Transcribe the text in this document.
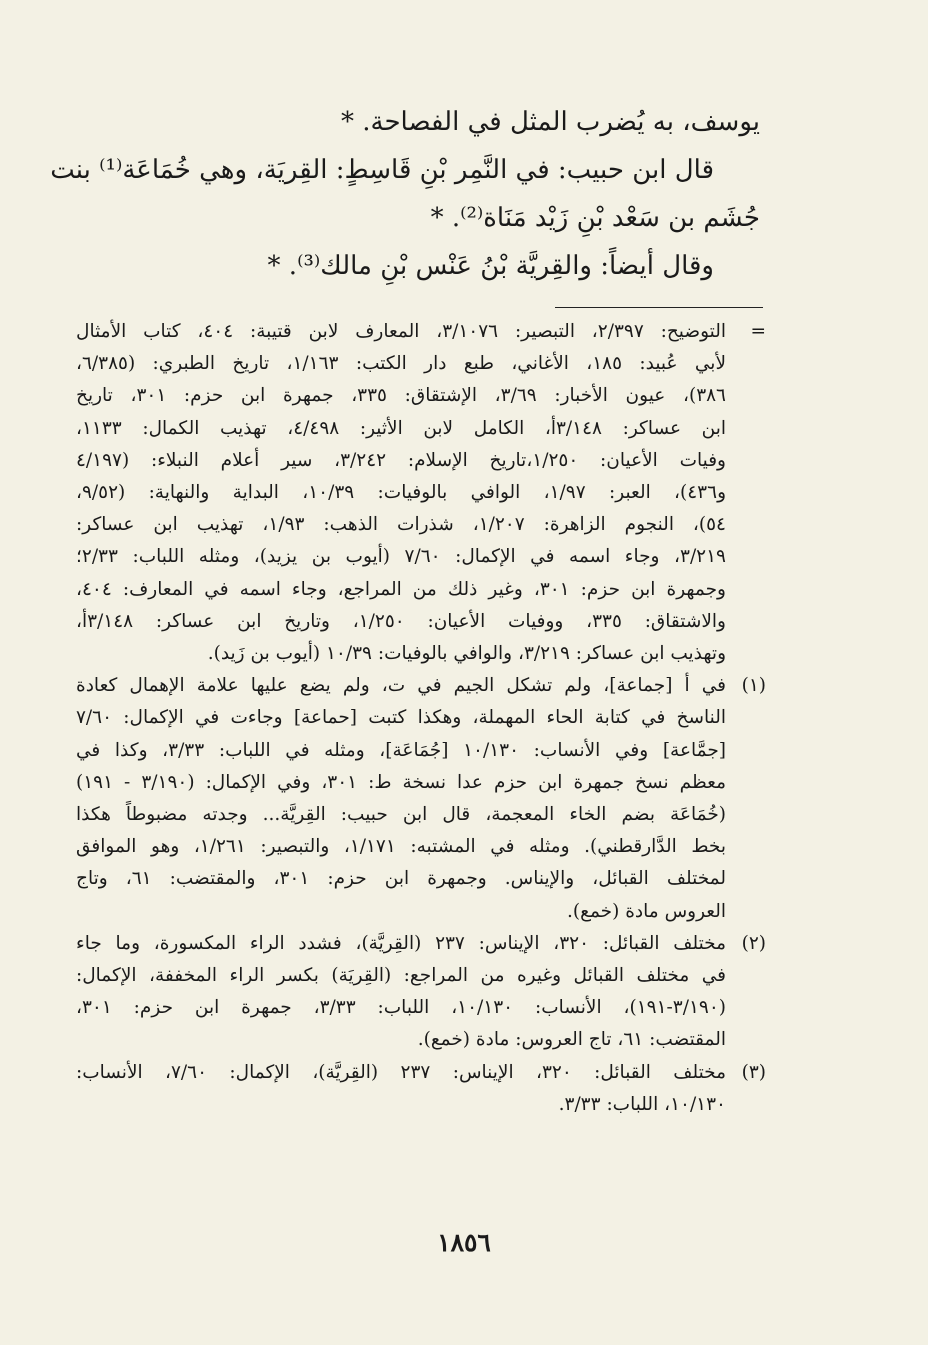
يوسف، به يُضرب المثل في الفصاحة. *
قال ابن حبيب: في النَّمِر بْنِ قَاسِطٍ: القِريَة، وهي خُمَاعَة⁽¹⁾ بنت
جُشَم بن سَعْد بْنِ زَيْد مَنَاة⁽²⁾. *
وقال أيضاً: والقِريَّة بْنُ عَنْس بْنِ مالك⁽³⁾. *
=
التوضيح: ٢/٣٩٧، التبصير: ٣/١٠٧٦، المعارف لابن قتيبة: ٤٠٤، كتاب الأمثال
لأبي عُبيد: ١٨٥، الأغاني، طبع دار الكتب: ١/١٦٣، تاريخ الطبري: (٦/٣٨٥،
٣٨٦)، عيون الأخبار: ٣/٦٩، الإشتقاق: ٣٣٥، جمهرة ابن حزم: ٣٠١، تاريخ
ابن عساكر: ٣/١٤٨أ، الكامل لابن الأثير: ٤/٤٩٨، تهذيب الكمال: ١١٣٣،
وفيات الأعيان: ١/٢٥٠،تاريخ الإسلام: ٣/٢٤٢، سير أعلام النبلاء: (٤/١٩٧
و٤٣٦)، العبر: ١/٩٧، الوافي بالوفيات: ١٠/٣٩، البداية والنهاية: (٩/٥٢،
٥٤)، النجوم الزاهرة: ١/٢٠٧، شذرات الذهب: ١/٩٣، تهذيب ابن عساكر:
٣/٢١٩، وجاء اسمه في الإكمال: ٧/٦٠ (أيوب بن يزيد)، ومثله اللباب: ٢/٣٣؛
وجمهرة ابن حزم: ٣٠١، وغير ذلك من المراجع، وجاء اسمه في المعارف: ٤٠٤،
والاشتقاق: ٣٣٥، ووفيات الأعيان: ١/٢٥٠، وتاريخ ابن عساكر: ٣/١٤٨أ،
وتهذيب ابن عساكر: ٣/٢١٩، والوافي بالوفيات: ١٠/٣٩ (أيوب بن زَيد).
(١)
في أ [جماعة]، ولم تشكل الجيم في ت، ولم يضع عليها علامة الإهمال كعادة
الناسخ في كتابة الحاء المهملة، وهكذا كتبت [حماعة] وجاءت في الإكمال: ٧/٦٠
[جمَّاعة] وفي الأنساب: ١٠/١٣٠ [جُمَاعَة]، ومثله في اللباب: ٣/٣٣، وكذا في
معظم نسخ جمهرة ابن حزم عدا نسخة ط: ٣٠١، وفي الإكمال: (٣/١٩٠ - ١٩١)
(خُمَاعَة بضم الخاء المعجمة، قال ابن حبيب: القِريَّة... وجدته مضبوطاً هكذا
بخط الدَّارقطني). ومثله في المشتبه: ١/١٧١، والتبصير: ١/٢٦١، وهو الموافق
لمختلف القبائل، والإيناس. وجمهرة ابن حزم: ٣٠١، والمقتضب: ٦١، وتاج
العروس مادة (خمع).
(٢)
مختلف القبائل: ٣٢٠، الإيناس: ٢٣٧ (القِريَّة)، فشدد الراء المكسورة، وما جاء
في مختلف القبائل وغيره من المراجع: (القِريَة) بكسر الراء المخففة، الإكمال:
(٣/١٩٠-١٩١)، الأنساب: ١٠/١٣٠، اللباب: ٣/٣٣، جمهرة ابن حزم: ٣٠١،
المقتضب: ٦١، تاج العروس: مادة (خمع).
(٣)
مختلف القبائل: ٣٢٠، الإيناس: ٢٣٧ (القِريَّة)، الإكمال: ٧/٦٠، الأنساب:
١٠/١٣٠، اللباب: ٣/٣٣.
١٨٥٦
